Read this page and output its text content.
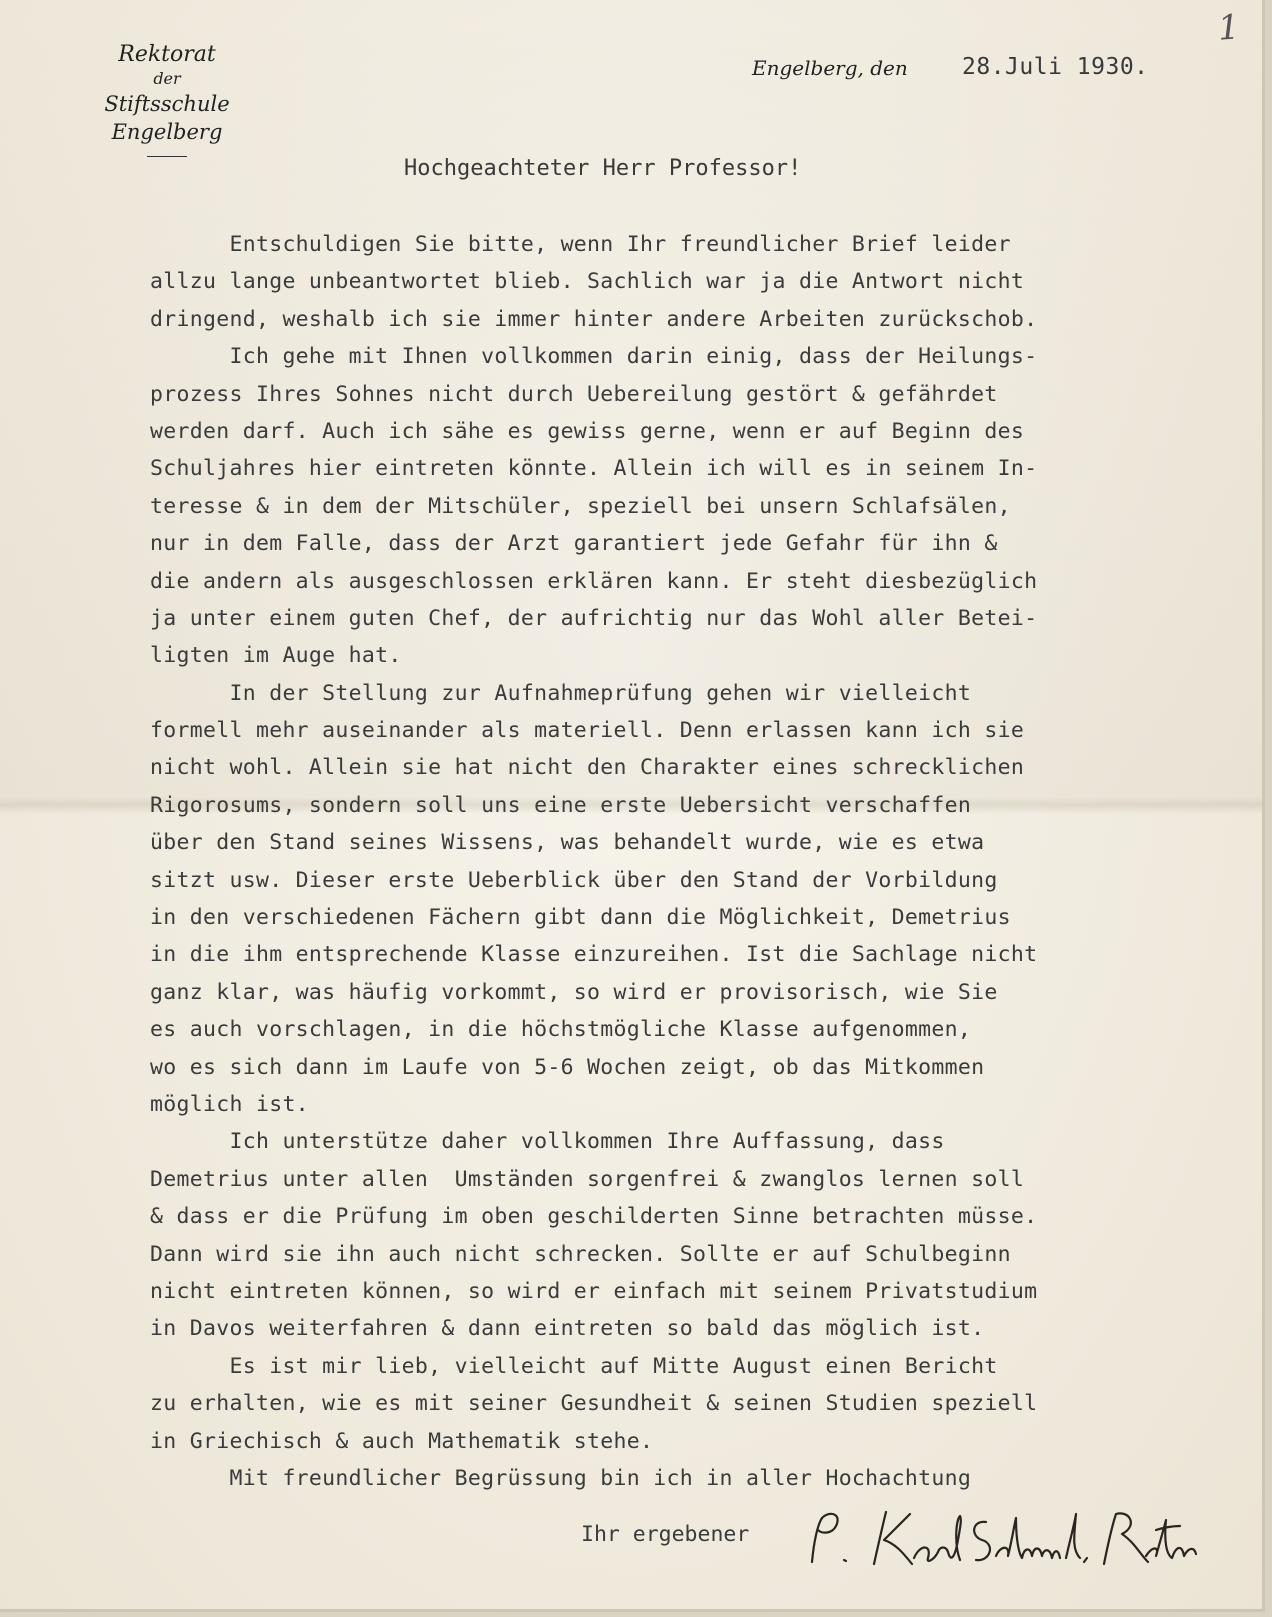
1
Rektorat
der
Stiftsschule Engelberg
Engelberg, den 28.Juli 1930.
Hochgeachteter Herr Professor!
Entschuldigen Sie bitte, wenn Ihr freundlicher Brief leider
allzu lange unbeantwortet blieb. Sachlich war ja die Antwort nicht
dringend, weshalb ich sie immer hinter andere Arbeiten zurückschob.
Ich gehe mit Ihnen vollkommen darin einig, dass der Heilungs-
prozess Ihres Sohnes nicht durch Uebereilung gestört & gefährdet
werden darf. Auch ich sähe es gewiss gerne, wenn er auf Beginn des
Schuljahres hier eintreten könnte. Allein ich will es in seinem In-
teresse & in dem der Mitschüler, speziell bei unsern Schlafsälen,
nur in dem Falle, dass der Arzt garantiert jede Gefahr für ihn &
die andern als ausgeschlossen erklären kann. Er steht diesbezüglich
ja unter einem guten Chef, der aufrichtig nur das Wohl aller Betei-
ligten im Auge hat.
In der Stellung zur Aufnahmeprüfung gehen wir vielleicht
formell mehr auseinander als materiell. Denn erlassen kann ich sie
nicht wohl. Allein sie hat nicht den Charakter eines schrecklichen
Rigorosums, sondern soll uns eine erste Uebersicht verschaffen
über den Stand seines Wissens, was behandelt wurde, wie es etwa
sitzt usw. Dieser erste Ueberblick über den Stand der Vorbildung
in den verschiedenen Fächern gibt dann die Möglichkeit, Demetrius
in die ihm entsprechende Klasse einzureihen. Ist die Sachlage nicht
ganz klar, was häufig vorkommt, so wird er provisorisch, wie Sie
es auch vorschlagen, in die höchstmögliche Klasse aufgenommen,
wo es sich dann im Laufe von 5-6 Wochen zeigt, ob das Mitkommen
möglich ist.
Ich unterstütze daher vollkommen Ihre Auffassung, dass
Demetrius unter allen  Umständen sorgenfrei & zwanglos lernen soll
& dass er die Prüfung im oben geschilderten Sinne betrachten müsse.
Dann wird sie ihn auch nicht schrecken. Sollte er auf Schulbeginn
nicht eintreten können, so wird er einfach mit seinem Privatstudium
in Davos weiterfahren & dann eintreten so bald das möglich ist.
Es ist mir lieb, vielleicht auf Mitte August einen Bericht
zu erhalten, wie es mit seiner Gesundheit & seinen Studien speziell
in Griechisch & auch Mathematik stehe.
Mit freundlicher Begrüssung bin ich in aller Hochachtung
Ihr ergebener
